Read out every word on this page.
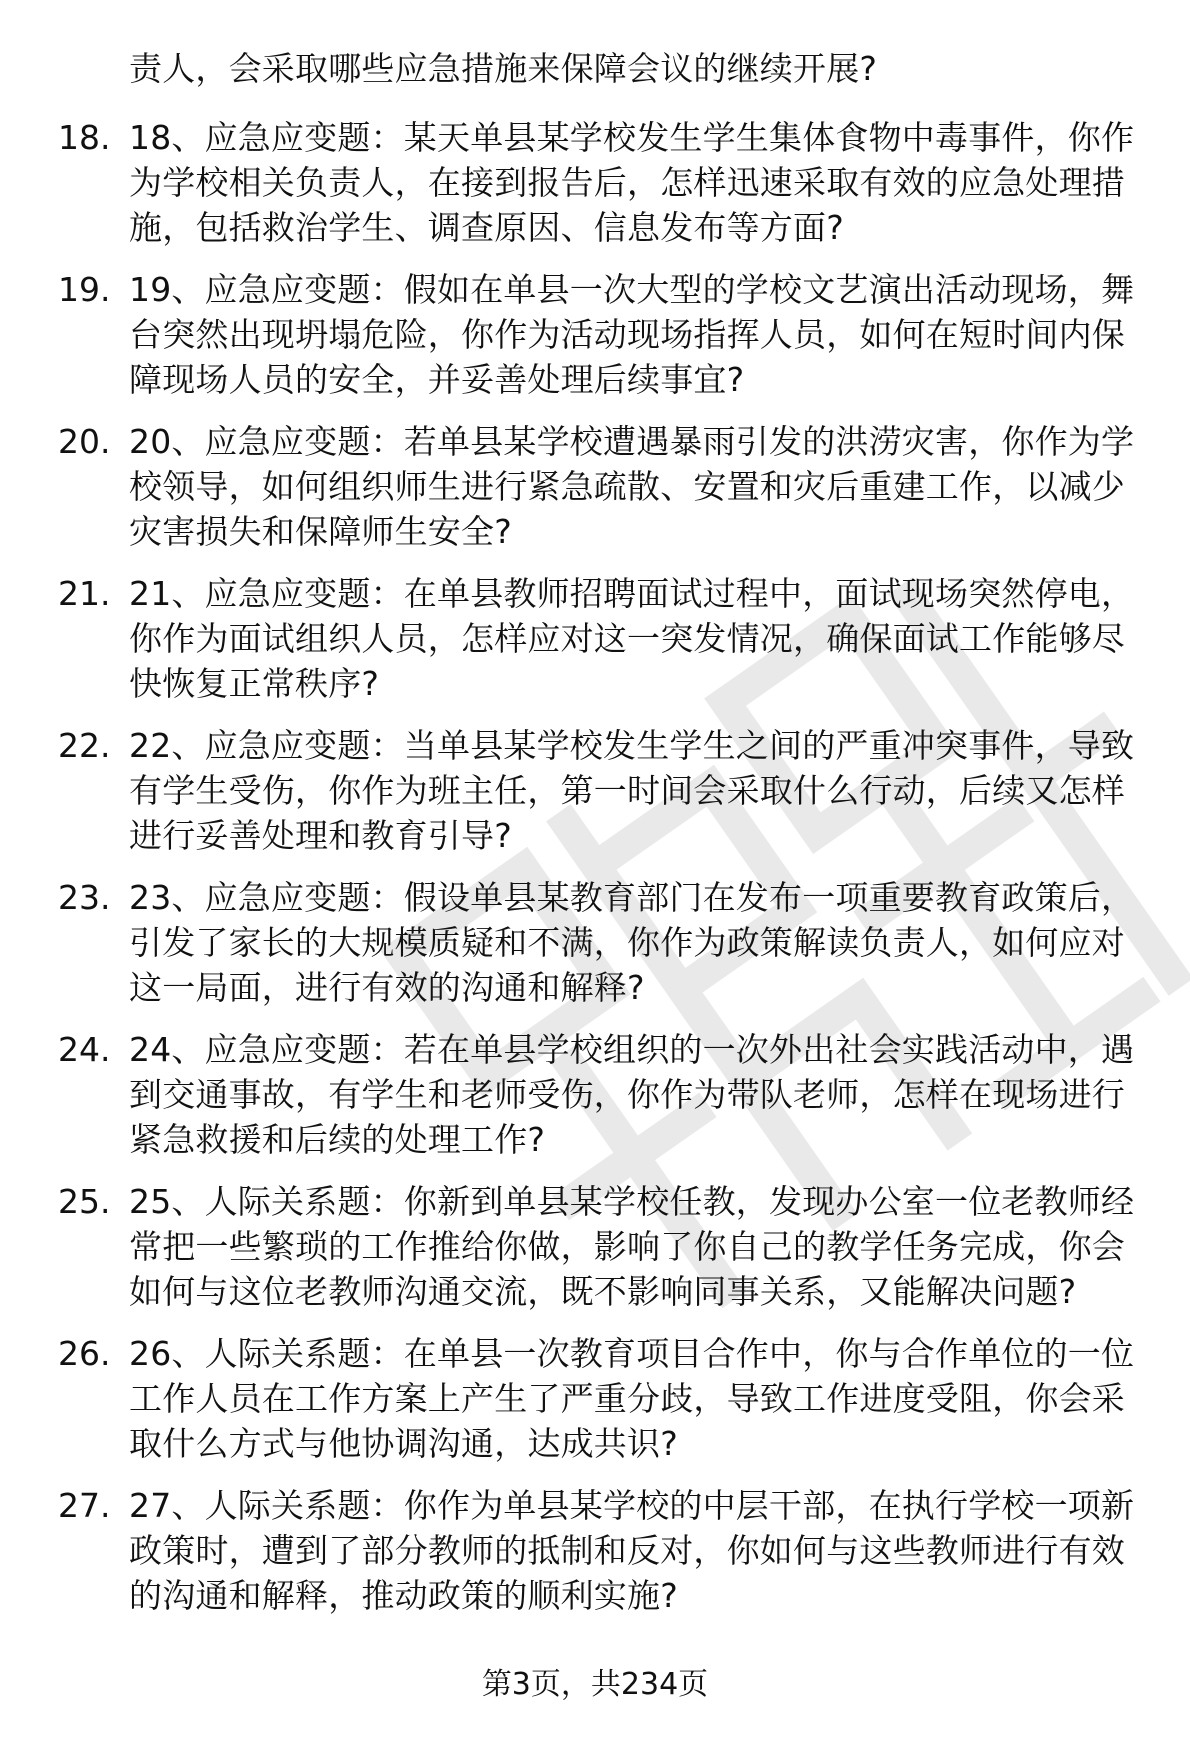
责人，会采取哪些应急措施来保障会议的继续开展?
18. 18、应急应变题：某天单县某学校发生学生集体食物中毒事件，你作为学校相关负责人，在接到报告后，怎样迅速采取有效的应急处理措施，包括救治学生、调查原因、信息发布等方面?
19. 19、应急应变题：假如在单县一次大型的学校文艺演出活动现场，舞台突然出现坍塌危险，你作为活动现场指挥人员，如何在短时间内保障现场人员的安全，并妥善处理后续事宜?
20. 20、应急应变题：若单县某学校遭遇暴雨引发的洪涝灾害，你作为学校领导，如何组织师生进行紧急疏散、安置和灾后重建工作，以减少灾害损失和保障师生安全?
21. 21、应急应变题：在单县教师招聘面试过程中，面试现场突然停电，你作为面试组织人员，怎样应对这一突发情况，确保面试工作能够尽快恢复正常秩序?
22. 22、应急应变题：当单县某学校发生学生之间的严重冲突事件，导致有学生受伤，你作为班主任，第一时间会采取什么行动，后续又怎样进行妥善处理和教育引导?
23. 23、应急应变题：假设单县某教育部门在发布一项重要教育政策后，引发了家长的大规模质疑和不满，你作为政策解读负责人，如何应对这一局面，进行有效的沟通和解释?
24. 24、应急应变题：若在单县学校组织的一次外出社会实践活动中，遇到交通事故，有学生和老师受伤，你作为带队老师，怎样在现场进行紧急救援和后续的处理工作?
25. 25、人际关系题：你新到单县某学校任教，发现办公室一位老教师经常把一些繁琐的工作推给你做，影响了你自己的教学任务完成，你会如何与这位老教师沟通交流，既不影响同事关系，又能解决问题?
26. 26、人际关系题：在单县一次教育项目合作中，你与合作单位的一位工作人员在工作方案上产生了严重分歧，导致工作进度受阻，你会采取什么方式与他协调沟通，达成共识?
27. 27、人际关系题：你作为单县某学校的中层干部，在执行学校一项新政策时，遭到了部分教师的抵制和反对，你如何与这些教师进行有效的沟通和解释，推动政策的顺利实施?
第3页，共234页
